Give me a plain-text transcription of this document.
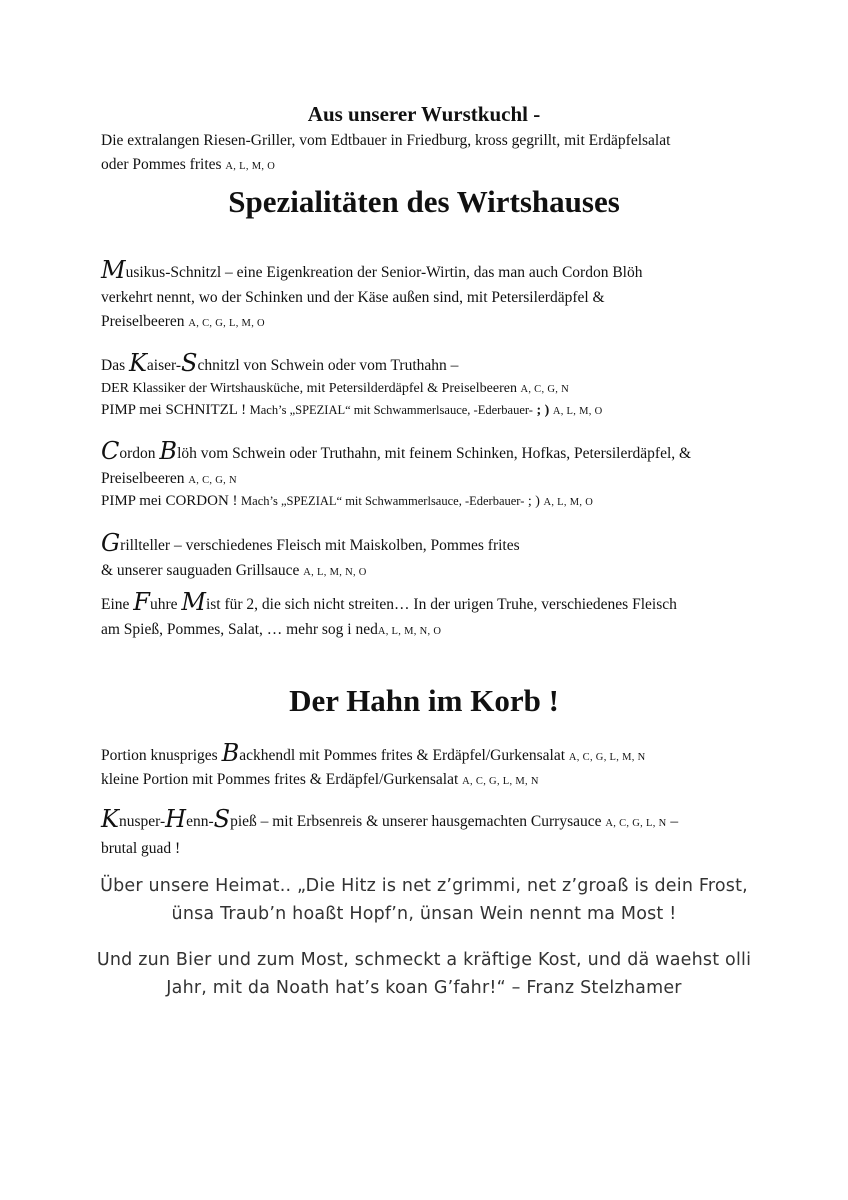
Aus unserer Wurstkuchl -
Die extralangen Riesen-Griller, vom Edtbauer in Friedburg, kross gegrillt, mit Erdäpfelsalat
oder Pommes frites A, L, M, O
Spezialitäten des Wirtshauses
Musikus-Schnitzl – eine Eigenkreation der Senior-Wirtin, das man auch Cordon Blöh
verkehrt nennt, wo der Schinken und der Käse außen sind, mit Petersilerdäpfel &
Preiselbeeren A, C, G, L, M, O
Das Kaiser-Schnitzl von Schwein oder vom Truthahn –
DER Klassiker der Wirtshausküche, mit Petersilderdäpfel & Preiselbeeren A, C, G, N
PIMP mei SCHNITZL ! Mach’s „SPEZIAL“ mit Schwammerlsauce, -Ederbauer- ; ) A, L, M, O
Cordon Blöh vom Schwein oder Truthahn, mit feinem Schinken, Hofkas, Petersilerdäpfel, &
Preiselbeeren A, C, G, N
PIMP mei CORDON ! Mach’s „SPEZIAL“ mit Schwammerlsauce, -Ederbauer- ; ) A, L, M, O
Grillteller – verschiedenes Fleisch mit Maiskolben, Pommes frites
& unserer sauguaden Grillsauce A, L, M, N, O
Eine Fuhre Mist für 2, die sich nicht streiten… In der urigen Truhe, verschiedenes Fleisch
am Spieß, Pommes, Salat, … mehr sog i nedA, L, M, N, O
Der Hahn im Korb !
Portion knuspriges Backhendl mit Pommes frites & Erdäpfel/Gurkensalat A, C, G, L, M, N
kleine Portion mit Pommes frites & Erdäpfel/Gurkensalat A, C, G, L, M, N
Knusper-Henn-Spieß – mit Erbsenreis & unserer hausgemachten Currysauce A, C, G, L, N –
brutal guad !
Über unsere Heimat.. „Die Hitz is net z’grimmi, net z’groaß is dein Frost,
ünsa Traub’n hoaßt Hopf’n, ünsan Wein nennt ma Most !
Und zun Bier und zum Most, schmeckt a kräftige Kost, und dä waehst olli
Jahr, mit da Noath hat’s koan G’fahr!“ – Franz Stelzhamer
